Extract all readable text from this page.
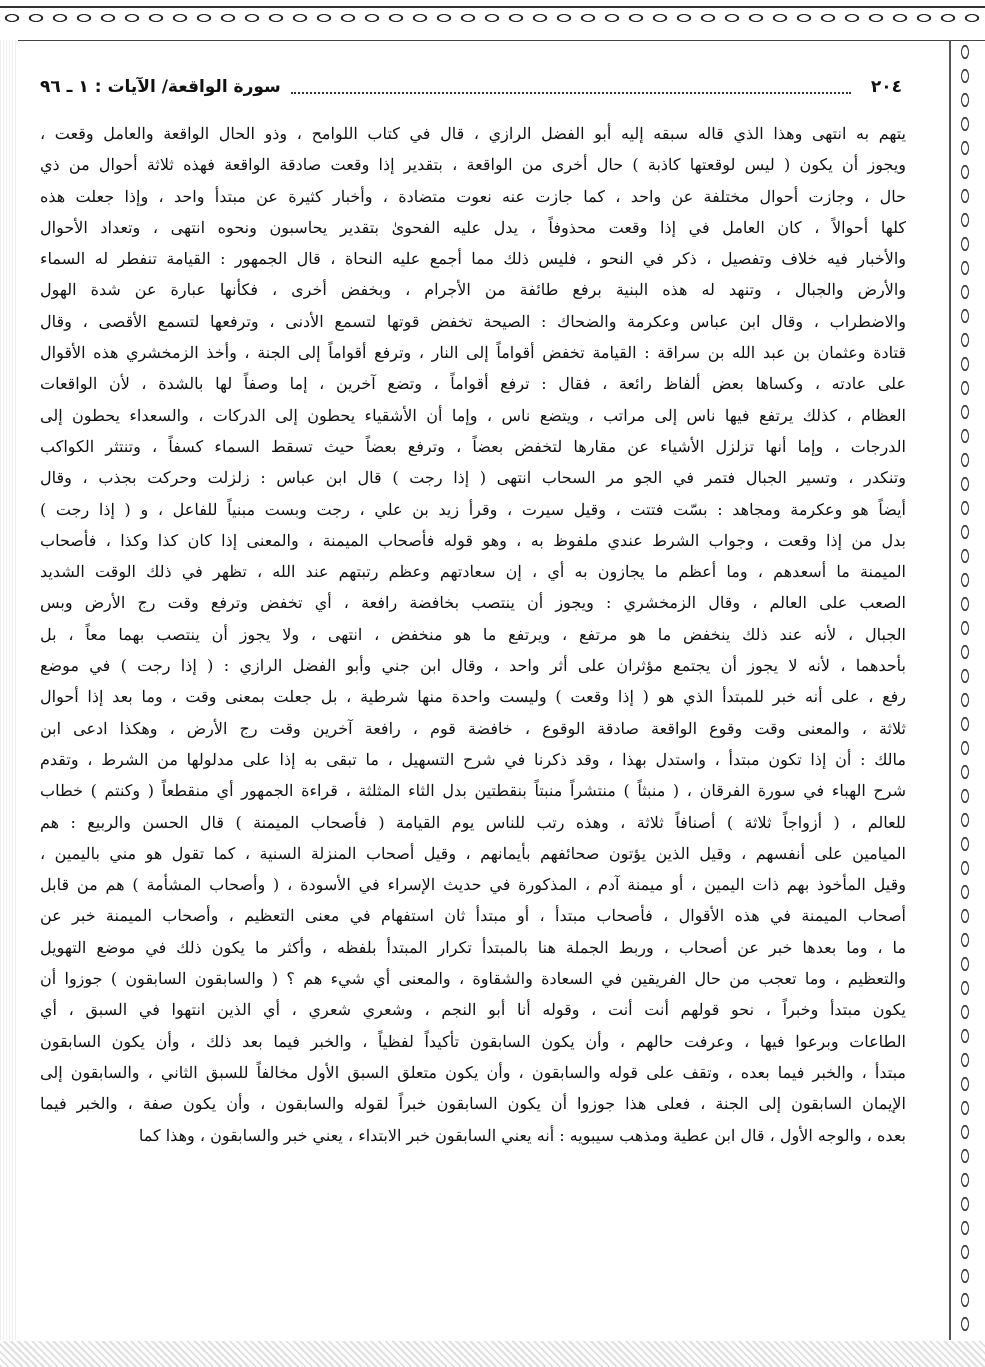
٢٠٤
سورة الواقعة/ الآيات : ١ ـ ٩٦
يتهم به انتهى وهذا الذي قاله سبقه إليه أبو الفضل الرازي ، قال في كتاب اللوامح ، وذو الحال الواقعة والعامل وقعت ،
ويجوز أن يكون ( ليس لوقعتها كاذبة ) حال أخرى من الواقعة ، بتقدير إذا وقعت صادقة الواقعة فهذه ثلاثة أحوال من ذي
حال ، وجازت أحوال مختلفة عن واحد ، كما جازت عنه نعوت متضادة ، وأخبار كثيرة عن مبتدأ واحد ، وإذا جعلت هذه
كلها أحوالاً ، كان العامل في إذا وقعت محذوفاً ، يدل عليه الفحوىٰ بتقدير يحاسبون ونحوه انتهى ، وتعداد الأحوال
والأخبار فيه خلاف وتفصيل ، ذكر في النحو ، فليس ذلك مما أجمع عليه النحاة ، قال الجمهور : القيامة تنفطر له السماء
والأرض والجبال ، وتنهد له هذه البنية برفع طائفة من الأجرام ، وبخفض أخرى ، فكأنها عبارة عن شدة الهول
والاضطراب ، وقال ابن عباس وعكرمة والضحاك : الصيحة تخفض قوتها لتسمع الأدنى ، وترفعها لتسمع الأقصى ، وقال
قتادة وعثمان بن عبد الله بن سراقة : القيامة تخفض أقواماً إلى النار ، وترفع أقواماً إلى الجنة ، وأخذ الزمخشري هذه الأقوال
على عادته ، وكساها بعض ألفاظ رائعة ، فقال : ترفع أقواماً ، وتضع آخرين ، إما وصفاً لها بالشدة ، لأن الواقعات
العظام ، كذلك يرتفع فيها ناس إلى مراتب ، ويتضع ناس ، وإما أن الأشقياء يحطون إلى الدركات ، والسعداء يحطون إلى
الدرجات ، وإما أنها تزلزل الأشياء عن مقارها لتخفض بعضاً ، وترفع بعضاً حيث تسقط السماء كسفاً ، وتنتثر الكواكب
وتنكدر ، وتسير الجبال فتمر في الجو مر السحاب انتهى ( إذا رجت ) قال ابن عباس : زلزلت وحركت بجذب ، وقال
أيضاً هو وعكرمة ومجاهد : بسّت فتتت ، وقيل سيرت ، وقرأ زيد بن علي ، رجت وبست مبنياً للفاعل ، و ( إذا رجت )
بدل من إذا وقعت ، وجواب الشرط عندي ملفوظ به ، وهو قوله فأصحاب الميمنة ، والمعنى إذا كان كذا وكذا ، فأصحاب
الميمنة ما أسعدهم ، وما أعظم ما يجازون به أي ، إن سعادتهم وعظم رتبتهم عند الله ، تظهر في ذلك الوقت الشديد
الصعب على العالم ، وقال الزمخشري : ويجوز أن ينتصب بخافضة رافعة ، أي تخفض وترفع وقت رج الأرض وبس
الجبال ، لأنه عند ذلك ينخفض ما هو مرتفع ، ويرتفع ما هو منخفض ، انتهى ، ولا يجوز أن ينتصب بهما معاً ، بل
بأحدهما ، لأنه لا يجوز أن يجتمع مؤثران على أثر واحد ، وقال ابن جني وأبو الفضل الرازي : ( إذا رجت ) في موضع
رفع ، على أنه خبر للمبتدأ الذي هو ( إذا وقعت ) وليست واحدة منها شرطية ، بل جعلت بمعنى وقت ، وما بعد إذا أحوال
ثلاثة ، والمعنى وقت وقوع الواقعة صادقة الوقوع ، خافضة قوم ، رافعة آخرين وقت رج الأرض ، وهكذا ادعى ابن
مالك : أن إذا تكون مبتدأ ، واستدل بهذا ، وقد ذكرنا في شرح التسهيل ، ما تبقى به إذا على مدلولها من الشرط ، وتقدم
شرح الهباء في سورة الفرقان ، ( منبثاً ) منتشراً منبتاً بنقطتين بدل الثاء المثلثة ، قراءة الجمهور أي منقطعاً ( وكنتم ) خطاب
للعالم ، ( أزواجاً ثلاثة ) أصنافاً ثلاثة ، وهذه رتب للناس يوم القيامة ( فأصحاب الميمنة ) قال الحسن والربيع : هم
الميامين على أنفسهم ، وقيل الذين يؤتون صحائفهم بأيمانهم ، وقيل أصحاب المنزلة السنية ، كما تقول هو مني باليمين ،
وقيل المأخوذ بهم ذات اليمين ، أو ميمنة آدم ، المذكورة في حديث الإسراء في الأسودة ، ( وأصحاب المشأمة ) هم من قابل
أصحاب الميمنة في هذه الأقوال ، فأصحاب مبتدأ ، أو مبتدأ ثان استفهام في معنى التعظيم ، وأصحاب الميمنة خبر عن
ما ، وما بعدها خبر عن أصحاب ، وربط الجملة هنا بالمبتدأ تكرار المبتدأ بلفظه ، وأكثر ما يكون ذلك في موضع التهويل
والتعظيم ، وما تعجب من حال الفريقين في السعادة والشقاوة ، والمعنى أي شيء هم ؟ ( والسابقون السابقون ) جوزوا أن
يكون مبتدأ وخبراً ، نحو قولهم أنت أنت ، وقوله أنا أبو النجم ، وشعري شعري ، أي الذين انتهوا في السبق ، أي
الطاعات وبرعوا فيها ، وعرفت حالهم ، وأن يكون السابقون تأكيداً لفظياً ، والخبر فيما بعد ذلك ، وأن يكون السابقون
مبتدأ ، والخبر فيما بعده ، وتقف على قوله والسابقون ، وأن يكون متعلق السبق الأول مخالفاً للسبق الثاني ، والسابقون إلى
الإيمان السابقون إلى الجنة ، فعلى هذا جوزوا أن يكون السابقون خبراً لقوله والسابقون ، وأن يكون صفة ، والخبر فيما
بعده ، والوجه الأول ، قال ابن عطية ومذهب سيبويه : أنه يعني السابقون خبر الابتداء ، يعني خبر والسابقون ، وهذا كما
